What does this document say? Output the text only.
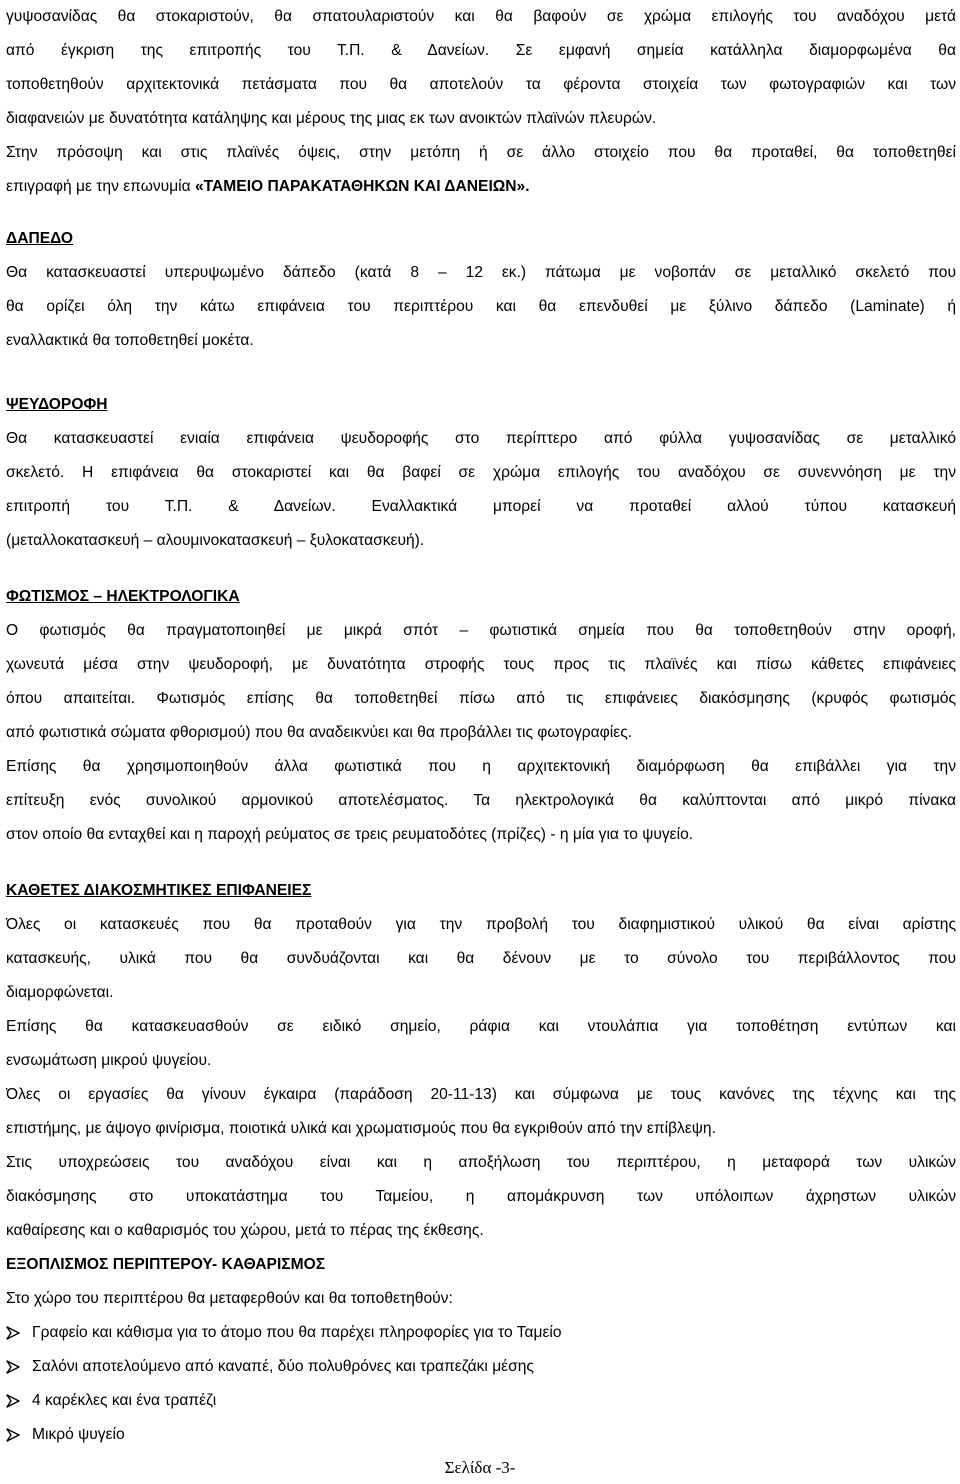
γυψοσανίδας θα στοκαριστούν, θα σπατουλαριστούν και θα βαφούν σε χρώμα επιλογής του αναδόχου μετά
από έγκριση της επιτροπής του Τ.Π. & Δανείων. Σε εμφανή σημεία κατάλληλα διαμορφωμένα θα
τοποθετηθούν αρχιτεκτονικά πετάσματα που θα αποτελούν τα φέροντα στοιχεία των φωτογραφιών και των
διαφανειών με δυνατότητα κατάληψης και μέρους της μιας εκ των ανοικτών πλαϊνών πλευρών.
Στην πρόσοψη και στις πλαϊνές όψεις, στην μετόπη ή σε άλλο στοιχείο που θα προταθεί, θα τοποθετηθεί
επιγραφή με την επωνυμία «ΤΑΜΕΙΟ ΠΑΡΑΚΑΤΑΘΗΚΩΝ ΚΑΙ ΔΑΝΕΙΩΝ».
ΔΑΠΕΔΟ
Θα κατασκευαστεί υπερυψωμένο δάπεδο (κατά 8 – 12 εκ.) πάτωμα με νοβοπάν σε μεταλλικό σκελετό που
θα ορίζει όλη την κάτω επιφάνεια του περιπτέρου και θα επενδυθεί με ξύλινο δάπεδο (Laminate) ή
εναλλακτικά θα τοποθετηθεί μοκέτα.
ΨΕΥΔΟΡΟΦΗ
Θα κατασκευαστεί ενιαία επιφάνεια ψευδοροφής στο περίπτερο από φύλλα γυψοσανίδας σε μεταλλικό
σκελετό. Η επιφάνεια θα στοκαριστεί και θα βαφεί σε χρώμα επιλογής του αναδόχου σε συνεννόηση με την
επιτροπή του Τ.Π. & Δανείων. Εναλλακτικά μπορεί να προταθεί αλλού τύπου κατασκευή
(μεταλλοκατασκευή – αλουμινοκατασκευή – ξυλοκατασκευή).
ΦΩΤΙΣΜΟΣ – ΗΛΕΚΤΡΟΛΟΓΙΚΑ
Ο φωτισμός θα πραγματοποιηθεί με μικρά σπότ – φωτιστικά σημεία που θα τοποθετηθούν στην οροφή,
χωνευτά μέσα στην ψευδοροφή, με δυνατότητα στροφής τους προς τις πλαϊνές και πίσω κάθετες επιφάνειες
όπου απαιτείται. Φωτισμός επίσης θα τοποθετηθεί πίσω από τις επιφάνειες διακόσμησης (κρυφός φωτισμός
από φωτιστικά σώματα φθορισμού) που θα αναδεικνύει και θα προβάλλει τις φωτογραφίες.
Επίσης θα χρησιμοποιηθούν άλλα φωτιστικά που η αρχιτεκτονική διαμόρφωση θα επιβάλλει για την
επίτευξη ενός συνολικού αρμονικού αποτελέσματος. Τα ηλεκτρολογικά θα καλύπτονται από μικρό πίνακα
στον οποίο θα ενταχθεί και η παροχή ρεύματος σε τρεις ρευματοδότες (πρίζες) - η μία για το ψυγείο.
ΚΑΘΕΤΕΣ ΔΙΑΚΟΣΜΗΤΙΚΕΣ ΕΠΙΦΑΝΕΙΕΣ
Όλες οι κατασκευές που θα προταθούν για την προβολή του διαφημιστικού υλικού θα είναι αρίστης
κατασκευής, υλικά που θα συνδυάζονται και θα δένουν με το σύνολο του περιβάλλοντος που
διαμορφώνεται.
Επίσης θα κατασκευασθούν σε ειδικό σημείο, ράφια και ντουλάπια για τοποθέτηση εντύπων και
ενσωμάτωση μικρού ψυγείου.
Όλες οι εργασίες θα γίνουν έγκαιρα (παράδοση 20-11-13) και σύμφωνα με τους κανόνες της τέχνης και της
επιστήμης, με άψογο φινίρισμα, ποιοτικά υλικά και χρωματισμούς που θα εγκριθούν από την επίβλεψη.
Στις υποχρεώσεις του αναδόχου είναι και η αποξήλωση του περιπτέρου, η μεταφορά των υλικών
διακόσμησης στο υποκατάστημα του Ταμείου, η απομάκρυνση των υπόλοιπων άχρηστων υλικών
καθαίρεσης και ο καθαρισμός του χώρου, μετά το πέρας της έκθεσης.
ΕΞΟΠΛΙΣΜΟΣ ΠΕΡΙΠΤΕΡΟΥ- ΚΑΘΑΡΙΣΜΟΣ
Στο χώρο του περιπτέρου θα μεταφερθούν και θα τοποθετηθούν:
Γραφείο και κάθισμα για το άτομο που θα παρέχει πληροφορίες για το Ταμείο
Σαλόνι αποτελούμενο από καναπέ, δύο πολυθρόνες και τραπεζάκι μέσης
4 καρέκλες και ένα τραπέζι
Μικρό ψυγείο
Σελίδα -3-
